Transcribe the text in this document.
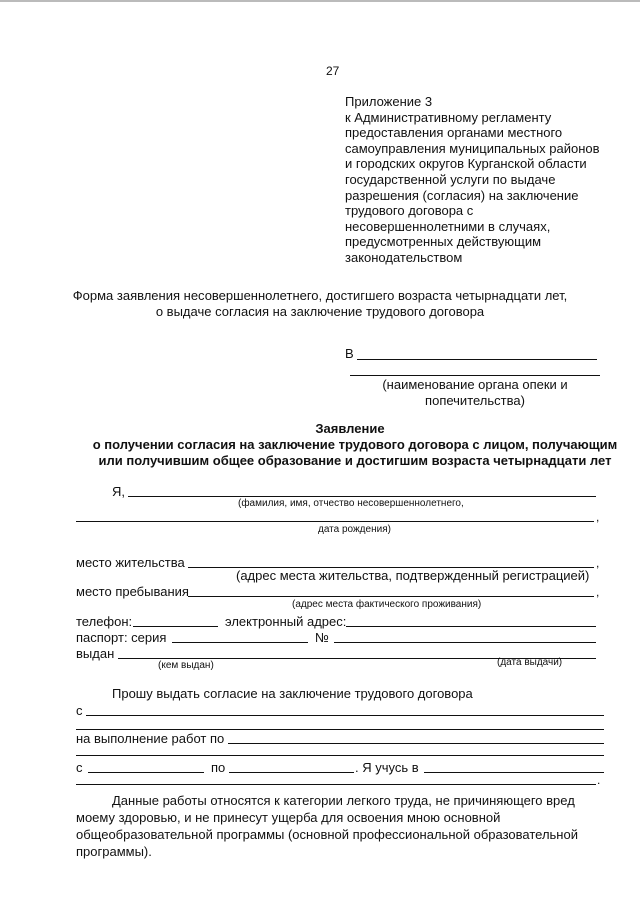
27
Приложение 3
к Административному регламенту
предоставления органами местного
самоуправления муниципальных районов
и городских округов Курганской области
государственной услуги по выдаче
разрешения (согласия) на заключение
трудового договора с
несовершеннолетними в случаях,
предусмотренных действующим
законодательством
Форма заявления несовершеннолетнего, достигшего возраста четырнадцати лет,
о выдаче согласия на заключение трудового договора
В
(наименование органа опеки и
попечительства)
Заявление
о получении согласия на заключение трудового договора с лицом, получающим
или получившим общее образование и достигшим возраста четырнадцати лет
Я,
(фамилия, имя, отчество несовершеннолетнего,
,
дата рождения)
место жительства	,
(адрес места жительства, подтвержденный регистрацией)
место пребывания	,
(адрес места фактического проживания)
телефон:	электронный адрес:
паспорт: серия	№
выдан
(кем выдан)	(дата выдачи)
Прошу выдать согласие на заключение трудового договора
с
на выполнение работ по
с	по	. Я учусь в
.
Данные работы относятся к категории легкого труда, не причиняющего вред
моему здоровью, и не принесут ущерба для освоения мною основной
общеобразовательной программы (основной профессиональной образовательной
программы).
